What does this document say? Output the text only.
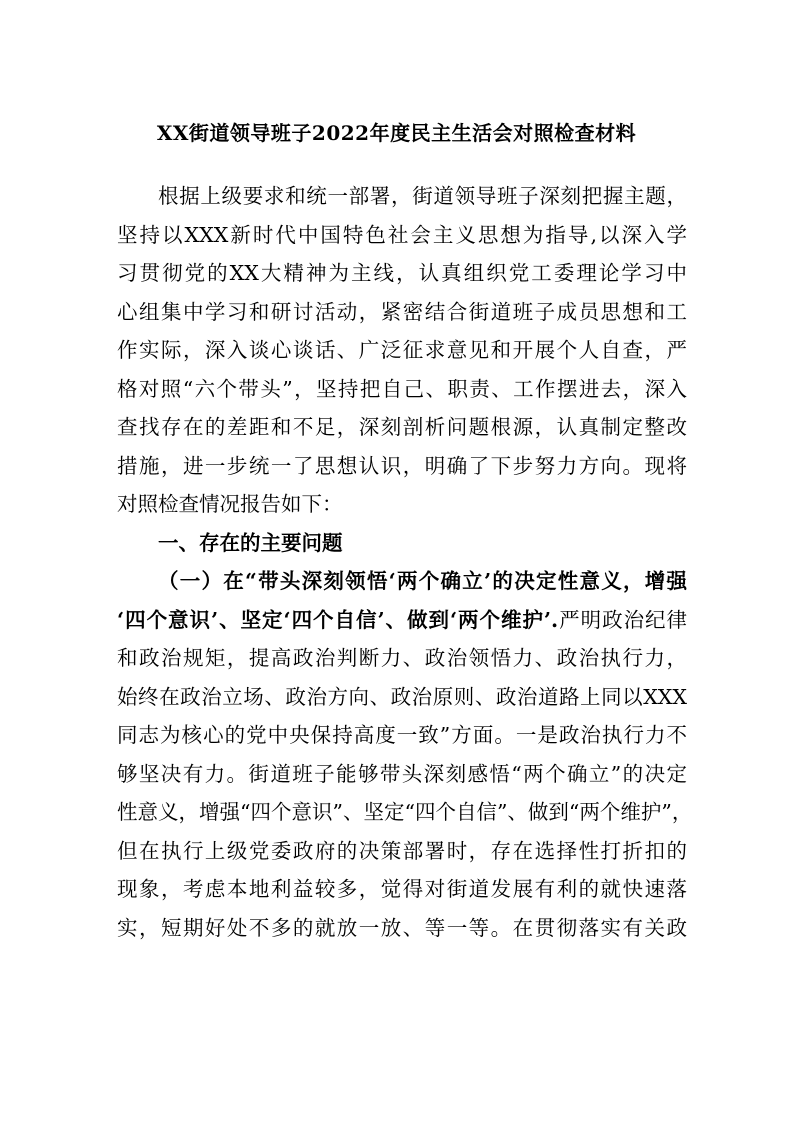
XX街道领导班子2022年度民主生活会对照检查材料
根据上级要求和统一部署，街道领导班子深刻把握主题，
坚持以XXX新时代中国特色社会主义思想为指导,以深入学
习贯彻党的XX大精神为主线，认真组织党工委理论学习中
心组集中学习和研讨活动，紧密结合街道班子成员思想和工
作实际，深入谈心谈话、广泛征求意见和开展个人自查，严
格对照“六个带头”，坚持把自己、职责、工作摆进去，深入
查找存在的差距和不足，深刻剖析问题根源，认真制定整改
措施，进一步统一了思想认识，明确了下步努力方向。现将
对照检查情况报告如下：
一、存在的主要问题
（一）在“带头深刻领悟‘两个确立’的决定性意义，增强
‘四个意识’、坚定‘四个自信’、做到‘两个维护’.严明政治纪律
和政治规矩，提高政治判断力、政治领悟力、政治执行力，
始终在政治立场、政治方向、政治原则、政治道路上同以XXX
同志为核心的党中央保持高度一致”方面。一是政治执行力不
够坚决有力。街道班子能够带头深刻感悟“两个确立”的决定
性意义，增强“四个意识”、坚定“四个自信”、做到“两个维护”，
但在执行上级党委政府的决策部署时，存在选择性打折扣的
现象，考虑本地利益较多，觉得对街道发展有利的就快速落
实，短期好处不多的就放一放、等一等。在贯彻落实有关政
